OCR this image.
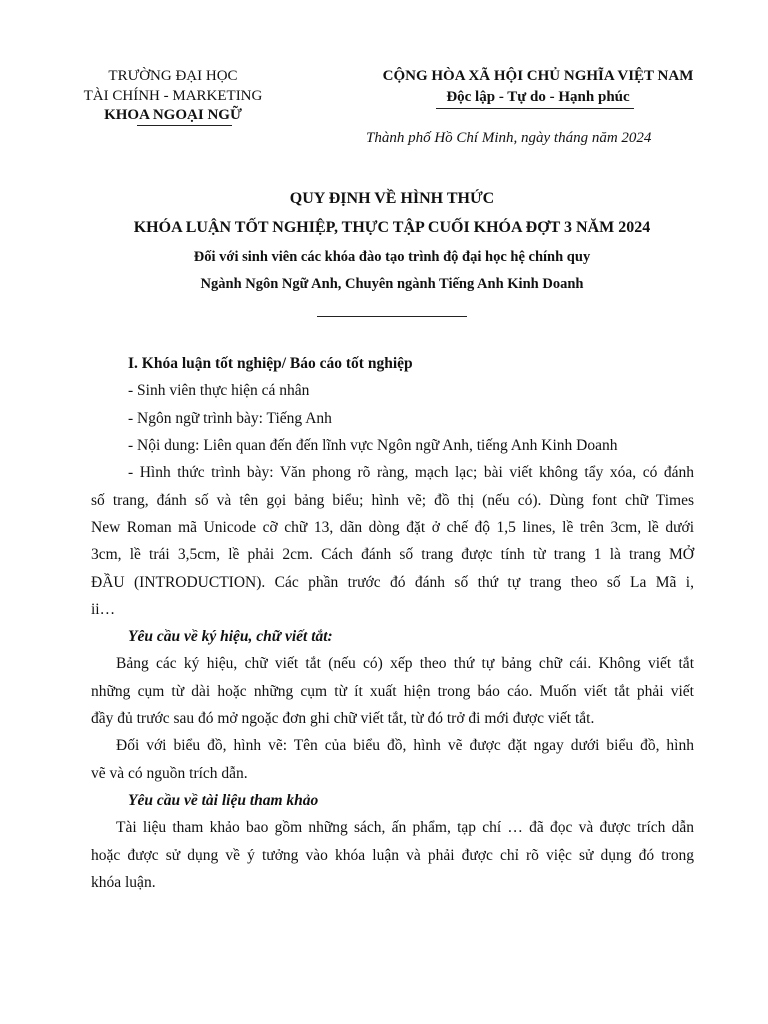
TRƯỜNG ĐẠI HỌC
TÀI CHÍNH - MARKETING
KHOA NGOẠI NGỮ
CỘNG HÒA XÃ HỘI CHỦ NGHĨA VIỆT NAM
Độc lập - Tự do - Hạnh phúc
Thành phố Hồ Chí Minh, ngày tháng năm 2024
QUY ĐỊNH VỀ HÌNH THỨC
KHÓA LUẬN TỐT NGHIỆP, THỰC TẬP CUỐI KHÓA ĐỢT 3 NĂM 2024
Đối với sinh viên các khóa đào tạo trình độ đại học hệ chính quy
Ngành Ngôn Ngữ Anh, Chuyên ngành Tiếng Anh Kinh Doanh
I. Khóa luận tốt nghiệp/ Báo cáo tốt nghiệp
- Sinh viên thực hiện cá nhân
- Ngôn ngữ trình bày: Tiếng Anh
- Nội dung: Liên quan đến đến lĩnh vực Ngôn ngữ Anh, tiếng Anh Kinh Doanh
- Hình thức trình bày: Văn phong rõ ràng, mạch lạc; bài viết không tẩy xóa, có đánh
số trang, đánh số và tên gọi bảng biểu; hình vẽ; đồ thị (nếu có). Dùng font chữ Times
New Roman mã Unicode cỡ chữ 13, dãn dòng đặt ở chế độ 1,5 lines, lề trên 3cm, lề dưới
3cm, lề trái 3,5cm, lề phải 2cm. Cách đánh số trang được tính từ trang 1 là trang MỞ
ĐẦU (INTRODUCTION). Các phần trước đó đánh số thứ tự trang theo số La Mã i,
ii…
Yêu cầu về ký hiệu, chữ viết tắt:
Bảng các ký hiệu, chữ viết tắt (nếu có) xếp theo thứ tự bảng chữ cái. Không viết tắt
những cụm từ dài hoặc những cụm từ ít xuất hiện trong báo cáo. Muốn viết tắt phải viết
đầy đủ trước sau đó mở ngoặc đơn ghi chữ viết tắt, từ đó trở đi mới được viết tắt.
Đối với biểu đồ, hình vẽ: Tên của biểu đồ, hình vẽ được đặt ngay dưới biểu đồ, hình
vẽ và có nguồn trích dẫn.
Yêu cầu về tài liệu tham khảo
Tài liệu tham khảo bao gồm những sách, ấn phẩm, tạp chí … đã đọc và được trích dẫn
hoặc được sử dụng về ý tưởng vào khóa luận và phải được chỉ rõ việc sử dụng đó trong
khóa luận.
